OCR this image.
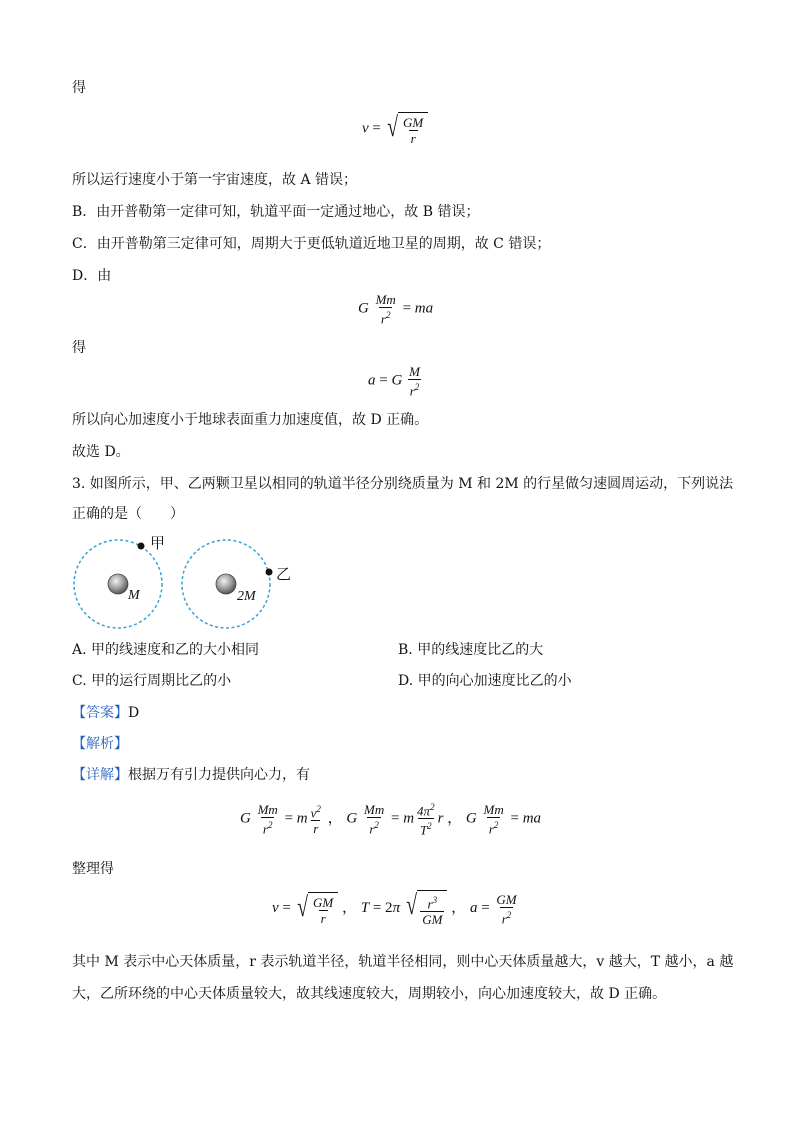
得
v = √ $\frac{GM}{r}$
所以运行速度小于第一宇宙速度，故 A 错误；
B．由开普勒第一定律可知，轨道平面一定通过地心，故 B 错误；
C．由开普勒第三定律可知，周期大于更低轨道近地卫星的周期，故 C 错误；
D．由
G $\frac{Mm}{r^2}$ = ma
得
a = G $\frac{M}{r^2}$
所以向心加速度小于地球表面重力加速度值，故 D 正确。
故选 D。
3. 如图所示，甲、乙两颗卫星以相同的轨道半径分别绕质量为 M 和 2M 的行星做匀速圆周运动，下列说法
正确的是（　　）
甲
M
乙
2M
A. 甲的线速度和乙的大小相同	B. 甲的线速度比乙的大
C. 甲的运行周期比乙的小	D. 甲的向心加速度比乙的小
【答案】D
【解析】
【详解】根据万有引力提供向心力，有
G $\frac{Mm}{r^2} = m \frac{v^2}{r}$ ， G $\frac{Mm}{r^2} = m \frac{4\pi^2}{T^2}$ r ， G $\frac{Mm}{r^2}$ = ma
整理得
v = √ $\frac{GM}{r}$ ， T = 2π √ $\frac{r^3}{GM}$ ， $a = \frac{GM}{r^2}$
其中 M 表示中心天体质量，r 表示轨道半径，轨道半径相同，则中心天体质量越大，v 越大，T 越小，a 越
大，乙所环绕的中心天体质量较大，故其线速度较大，周期较小，向心加速度较大，故 D 正确。
